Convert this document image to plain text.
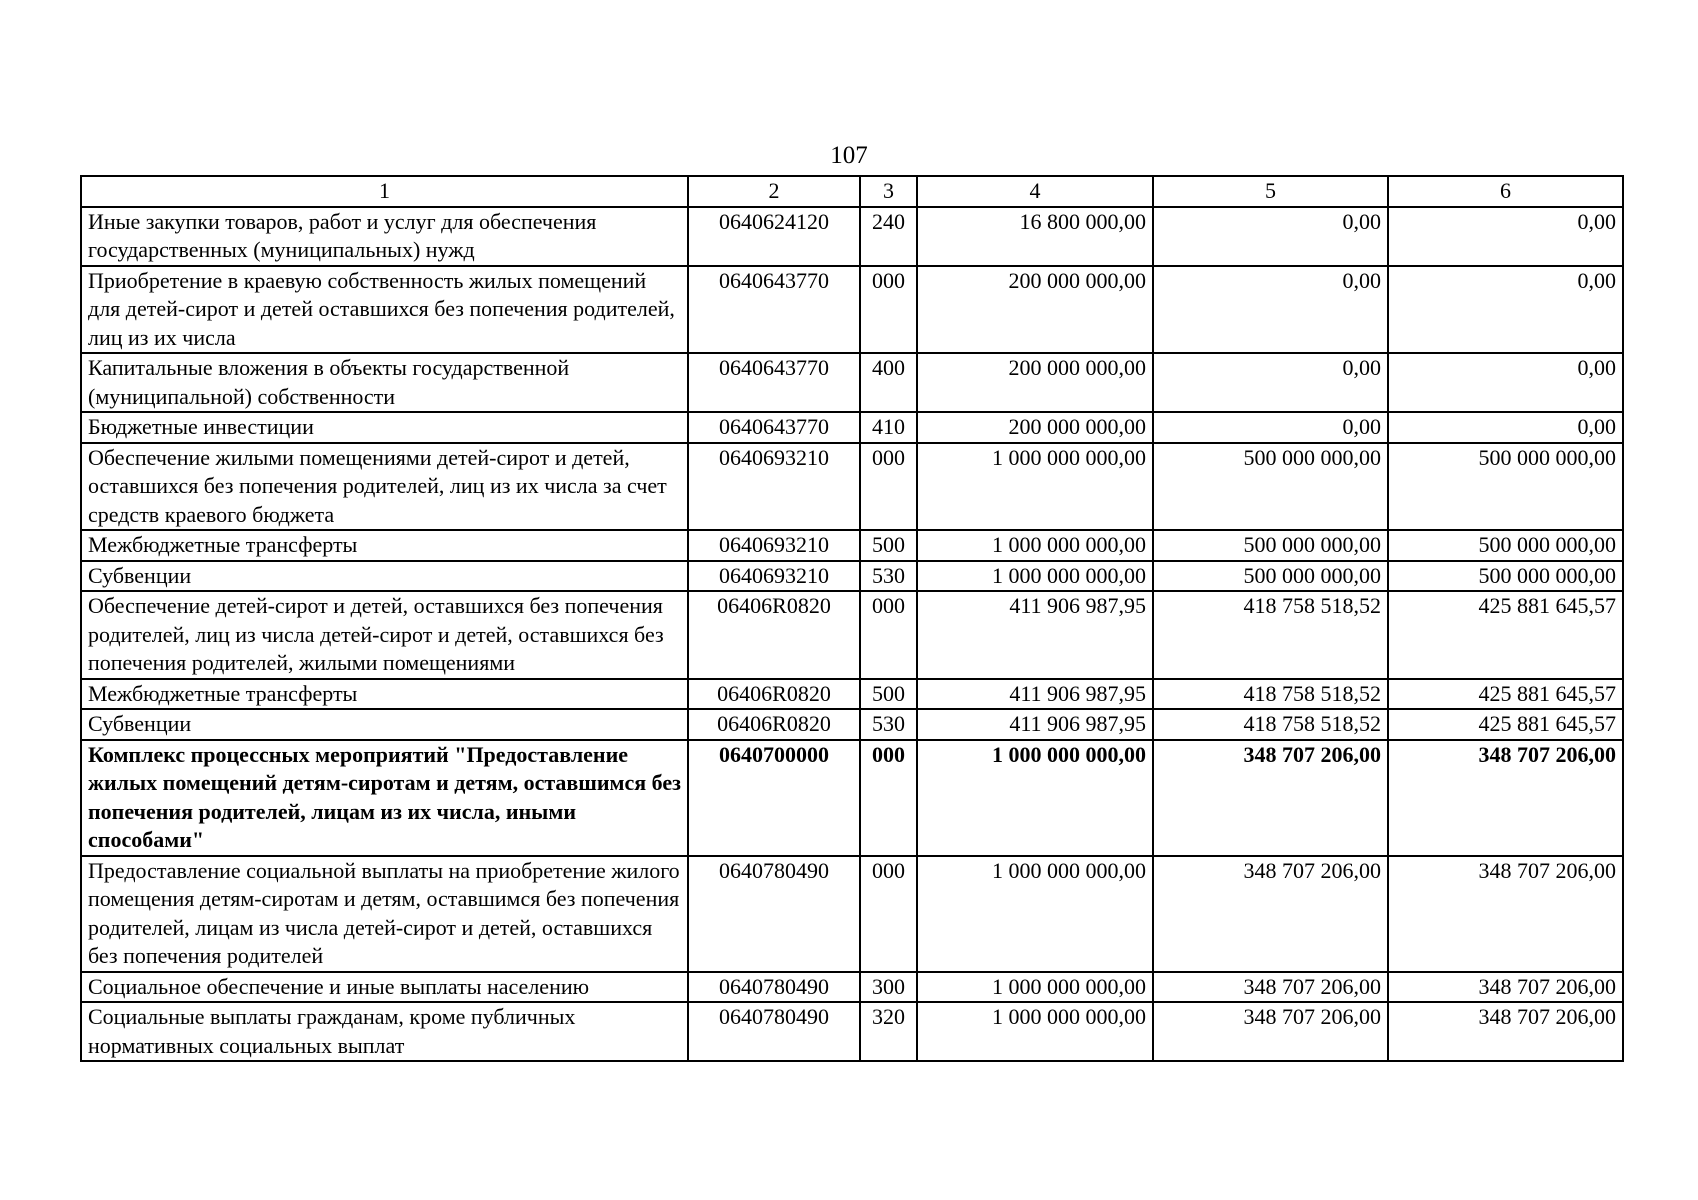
107
1	2	3	4	5	6
Иные закупки товаров, работ и услуг для обеспечения государственных (муниципальных) нужд	0640624120	240	16 800 000,00	0,00	0,00
Приобретение в краевую собственность жилых помещений для детей-сирот и детей оставшихся без попечения родителей, лиц из их числа	0640643770	000	200 000 000,00	0,00	0,00
Капитальные вложения в объекты государственной (муниципальной) собственности	0640643770	400	200 000 000,00	0,00	0,00
Бюджетные инвестиции	0640643770	410	200 000 000,00	0,00	0,00
Обеспечение жилыми помещениями детей-сирот и детей, оставшихся без попечения родителей, лиц из их числа за счет средств краевого бюджета	0640693210	000	1 000 000 000,00	500 000 000,00	500 000 000,00
Межбюджетные трансферты	0640693210	500	1 000 000 000,00	500 000 000,00	500 000 000,00
Субвенции	0640693210	530	1 000 000 000,00	500 000 000,00	500 000 000,00
Обеспечение детей-сирот и детей, оставшихся без попечения родителей, лиц из числа детей-сирот и детей, оставшихся без попечения родителей, жилыми помещениями	06406R0820	000	411 906 987,95	418 758 518,52	425 881 645,57
Межбюджетные трансферты	06406R0820	500	411 906 987,95	418 758 518,52	425 881 645,57
Субвенции	06406R0820	530	411 906 987,95	418 758 518,52	425 881 645,57
Комплекс процессных мероприятий "Предоставление жилых помещений детям-сиротам и детям, оставшимся без попечения родителей, лицам из их числа, иными способами"	0640700000	000	1 000 000 000,00	348 707 206,00	348 707 206,00
Предоставление социальной выплаты на приобретение жилого помещения детям-сиротам и детям, оставшимся без попечения родителей, лицам из числа детей-сирот и детей, оставшихся без попечения родителей	0640780490	000	1 000 000 000,00	348 707 206,00	348 707 206,00
Социальное обеспечение и иные выплаты населению	0640780490	300	1 000 000 000,00	348 707 206,00	348 707 206,00
Социальные выплаты гражданам, кроме публичных нормативных социальных выплат	0640780490	320	1 000 000 000,00	348 707 206,00	348 707 206,00
